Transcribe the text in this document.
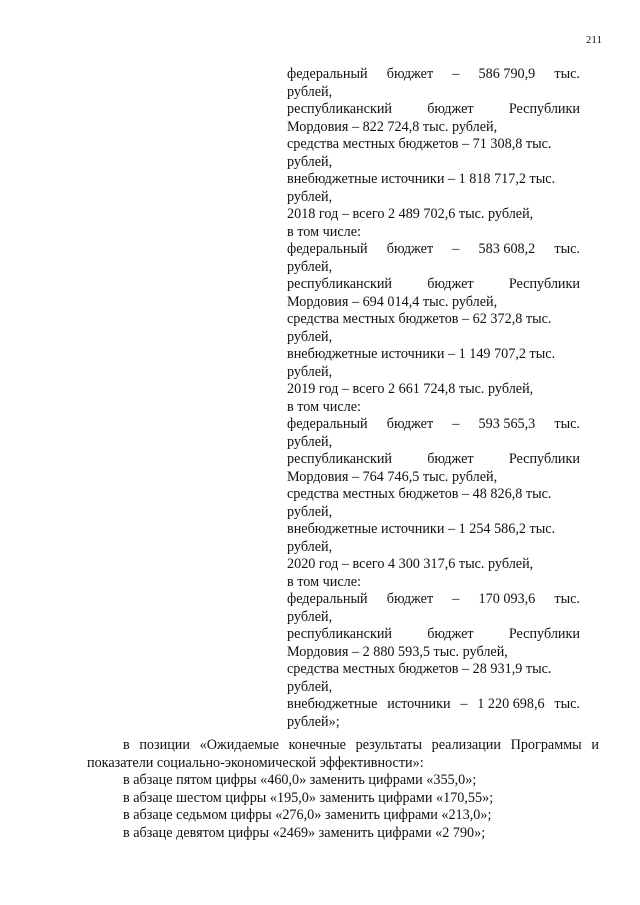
211
федеральный бюджет – 586 790,9 тыс.
рублей,
республиканский бюджет Республики
Мордовия – 822 724,8 тыс. рублей,
средства местных бюджетов – 71 308,8 тыс.
рублей,
внебюджетные источники – 1 818 717,2 тыс.
рублей,
2018 год – всего 2 489 702,6 тыс. рублей,
в том числе:
федеральный бюджет – 583 608,2 тыс.
рублей,
республиканский бюджет Республики
Мордовия – 694 014,4 тыс. рублей,
средства местных бюджетов – 62 372,8 тыс.
рублей,
внебюджетные источники – 1 149 707,2 тыс.
рублей,
2019 год – всего 2 661 724,8 тыс. рублей,
в том числе:
федеральный бюджет – 593 565,3 тыс.
рублей,
республиканский бюджет Республики
Мордовия – 764 746,5 тыс. рублей,
средства местных бюджетов – 48 826,8 тыс.
рублей,
внебюджетные источники – 1 254 586,2 тыс.
рублей,
2020 год – всего 4 300 317,6 тыс. рублей,
в том числе:
федеральный бюджет – 170 093,6 тыс.
рублей,
республиканский бюджет Республики
Мордовия – 2 880 593,5 тыс. рублей,
средства местных бюджетов – 28 931,9 тыс.
рублей,
внебюджетные источники – 1 220 698,6 тыс.
рублей»;
в позиции «Ожидаемые конечные результаты реализации Программы и
показатели социально-экономической эффективности»:
в абзаце пятом цифры «460,0» заменить цифрами «355,0»;
в абзаце шестом цифры «195,0» заменить цифрами «170,55»;
в абзаце седьмом цифры «276,0» заменить цифрами «213,0»;
в абзаце девятом цифры «2469» заменить цифрами «2 790»;
